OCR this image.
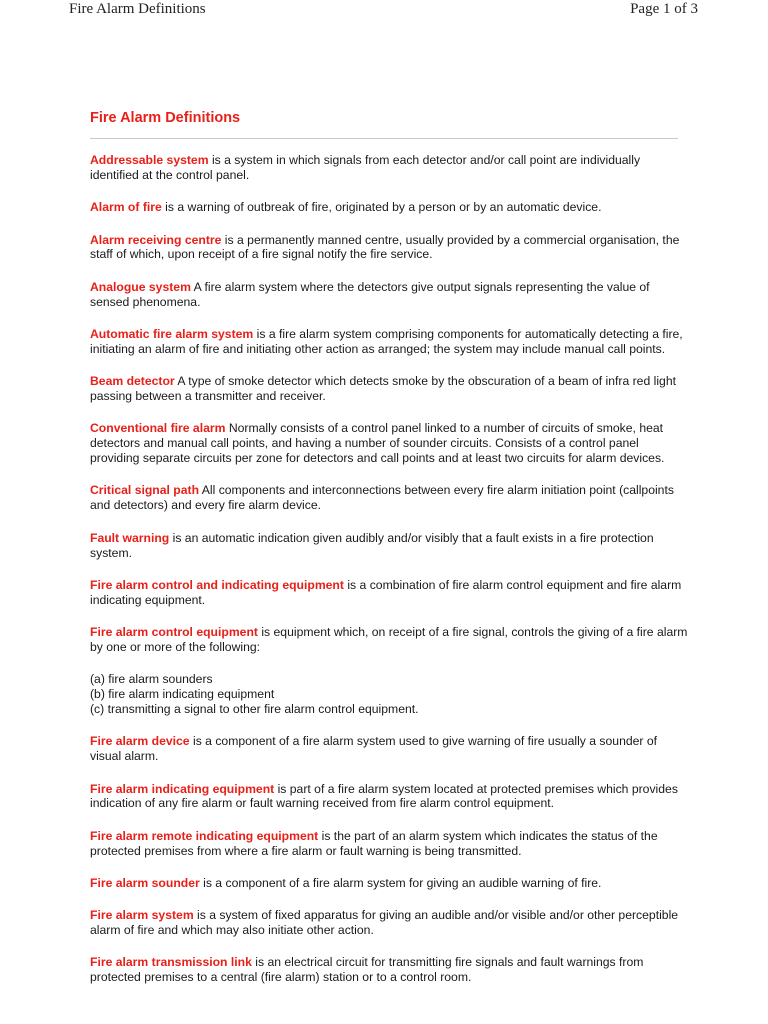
Fire Alarm Definitions	Page 1 of 3
Fire Alarm Definitions

Addressable system is a system in which signals from each detector and/or call point are individually identified at the control panel.

Alarm of fire is a warning of outbreak of fire, originated by a person or by an automatic device.

Alarm receiving centre is a permanently manned centre, usually provided by a commercial organisation, the staff of which, upon receipt of a fire signal notify the fire service.

Analogue system A fire alarm system where the detectors give output signals representing the value of sensed phenomena.

Automatic fire alarm system is a fire alarm system comprising components for automatically detecting a fire, initiating an alarm of fire and initiating other action as arranged; the system may include manual call points.

Beam detector A type of smoke detector which detects smoke by the obscuration of a beam of infra red light passing between a transmitter and receiver.

Conventional fire alarm Normally consists of a control panel linked to a number of circuits of smoke, heat detectors and manual call points, and having a number of sounder circuits. Consists of a control panel providing separate circuits per zone for detectors and call points and at least two circuits for alarm devices.

Critical signal path All components and interconnections between every fire alarm initiation point (callpoints and detectors) and every fire alarm device.

Fault warning is an automatic indication given audibly and/or visibly that a fault exists in a fire protection system.

Fire alarm control and indicating equipment is a combination of fire alarm control equipment and fire alarm indicating equipment.

Fire alarm control equipment is equipment which, on receipt of a fire signal, controls the giving of a fire alarm by one or more of the following:

(a) fire alarm sounders
(b) fire alarm indicating equipment
(c) transmitting a signal to other fire alarm control equipment.

Fire alarm device is a component of a fire alarm system used to give warning of fire usually a sounder of visual alarm.

Fire alarm indicating equipment is part of a fire alarm system located at protected premises which provides indication of any fire alarm or fault warning received from fire alarm control equipment.

Fire alarm remote indicating equipment is the part of an alarm system which indicates the status of the protected premises from where a fire alarm or fault warning is being transmitted.

Fire alarm sounder is a component of a fire alarm system for giving an audible warning of fire.

Fire alarm system is a system of fixed apparatus for giving an audible and/or visible and/or other perceptible alarm of fire and which may also initiate other action.

Fire alarm transmission link is an electrical circuit for transmitting fire signals and fault warnings from protected premises to a central (fire alarm) station or to a control room.
